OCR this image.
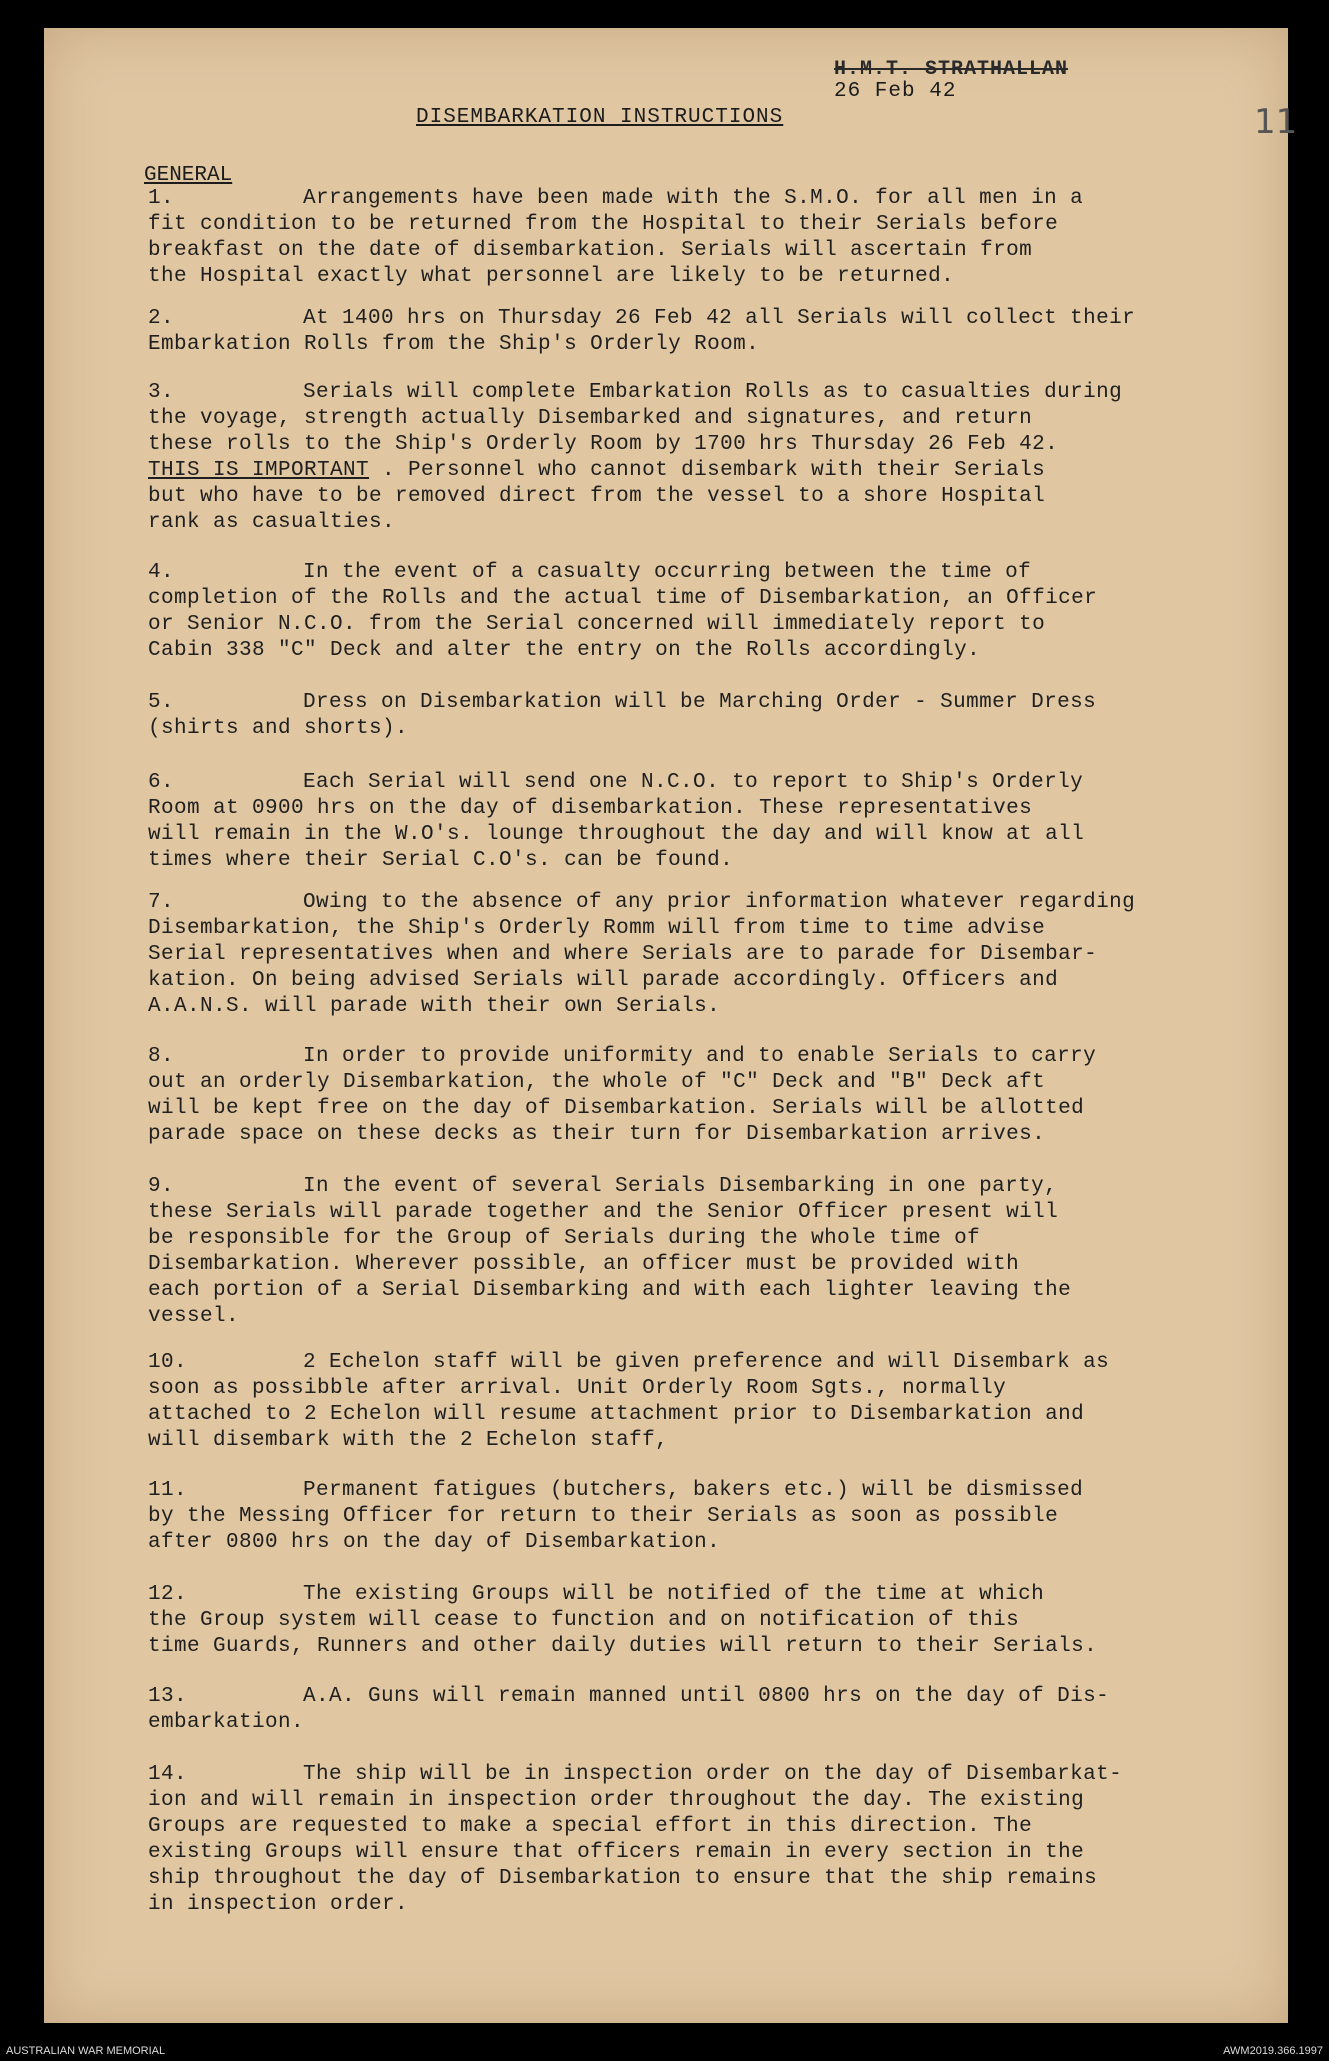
H.M.T. STRATHALLAN
26 Feb 42
11
DISEMBARKATION INSTRUCTIONS
GENERAL
1.	Arrangements have been made with the S.M.O. for all men in a
fit condition to be returned from the Hospital to their Serials before
breakfast on the date of disembarkation. Serials will ascertain from
the Hospital exactly what personnel are likely to be returned.
2.	At 1400 hrs on Thursday 26 Feb 42 all Serials will collect their
Embarkation Rolls from the Ship's Orderly Room.
3.	Serials will complete Embarkation Rolls as to casualties during
the voyage, strength actually Disembarked and signatures, and return
these rolls to the Ship's Orderly Room by 1700 hrs Thursday 26 Feb 42.
THIS IS IMPORTANT . Personnel who cannot disembark with their Serials
but who have to be removed direct from the vessel to a shore Hospital
rank as casualties.
4.	In the event of a casualty occurring between the time of
completion of the Rolls and the actual time of Disembarkation, an Officer
or Senior N.C.O. from the Serial concerned will immediately report to
Cabin 338 "C" Deck and alter the entry on the Rolls accordingly.
5.	Dress on Disembarkation will be Marching Order - Summer Dress
(shirts and shorts).
6.	Each Serial will send one N.C.O. to report to Ship's Orderly
Room at 0900 hrs on the day of disembarkation. These representatives
will remain in the W.O's. lounge throughout the day and will know at all
times where their Serial C.O's. can be found.
7.	Owing to the absence of any prior information whatever regarding
Disembarkation, the Ship's Orderly Romm will from time to time advise
Serial representatives when and where Serials are to parade for Disembar-
kation. On being advised Serials will parade accordingly. Officers and
A.A.N.S. will parade with their own Serials.
8.	In order to provide uniformity and to enable Serials to carry
out an orderly Disembarkation, the whole of "C" Deck and "B" Deck aft
will be kept free on the day of Disembarkation. Serials will be allotted
parade space on these decks as their turn for Disembarkation arrives.
9.	In the event of several Serials Disembarking in one party,
these Serials will parade together and the Senior Officer present will
be responsible for the Group of Serials during the whole time of
Disembarkation. Wherever possible, an officer must be provided with
each portion of a Serial Disembarking and with each lighter leaving the
vessel.
10.	2 Echelon staff will be given preference and will Disembark as
soon as possibble after arrival. Unit Orderly Room Sgts., normally
attached to 2 Echelon will resume attachment prior to Disembarkation and
will disembark with the 2 Echelon staff,
11.	Permanent fatigues (butchers, bakers etc.) will be dismissed
by the Messing Officer for return to their Serials as soon as possible
after 0800 hrs on the day of Disembarkation.
12.	The existing Groups will be notified of the time at which
the Group system will cease to function and on notification of this
time Guards, Runners and other daily duties will return to their Serials.
13.	A.A. Guns will remain manned until 0800 hrs on the day of Dis-
embarkation.
14.	The ship will be in inspection order on the day of Disembarkat-
ion and will remain in inspection order throughout the day. The existing
Groups are requested to make a special effort in this direction. The
existing Groups will ensure that officers remain in every section in the
ship throughout the day of Disembarkation to ensure that the ship remains
in inspection order.
AUSTRALIAN WAR MEMORIAL	AWM2019.366.1997
